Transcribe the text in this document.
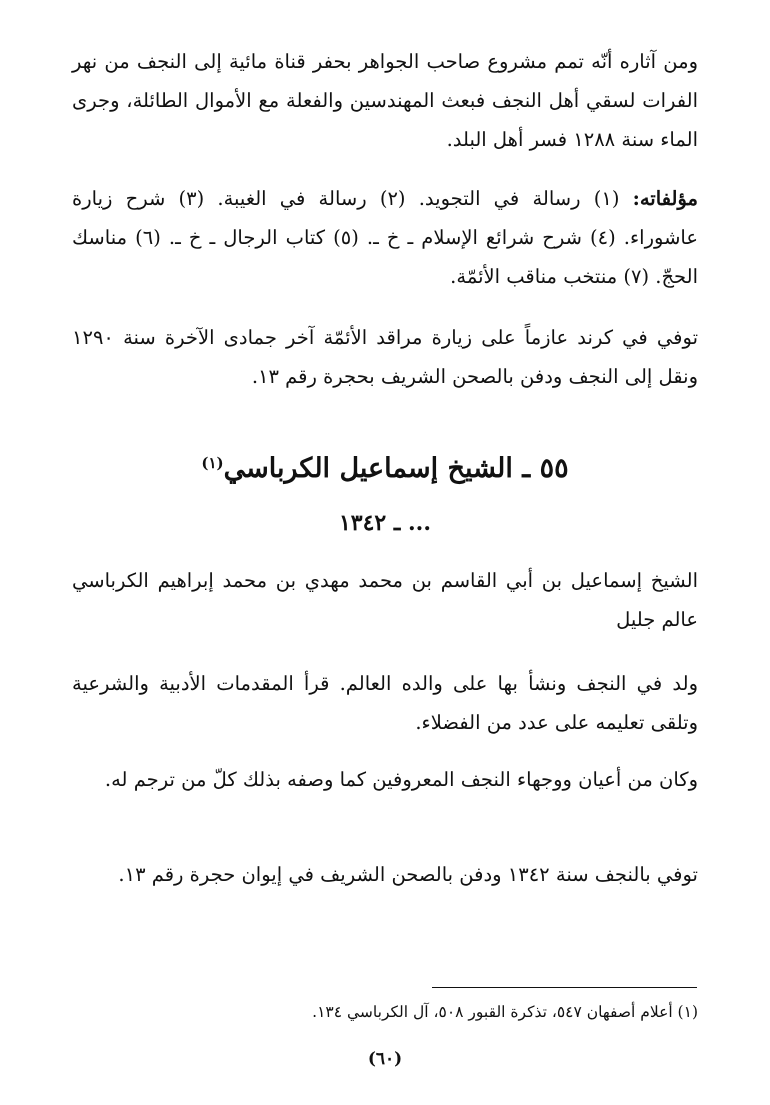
ومن آثاره أنّه تمم مشروع صاحب الجواهر بحفر قناة مائية إلى النجف من نهر الفرات لسقي أهل النجف فبعث المهندسين والفعلة مع الأموال الطائلة، وجرى الماء سنة ١٢٨٨ فسر أهل البلد.

مؤلفاته: (١) رسالة في التجويد. (٢) رسالة في الغيبة. (٣) شرح زيارة عاشوراء. (٤) شرح شرائع الإسلام ـ خ ـ. (٥) كتاب الرجال ـ خ ـ. (٦) مناسك الحجّ. (٧) منتخب مناقب الأئمّة.

توفي في كرند عازماً على زيارة مراقد الأئمّة آخر جمادى الآخرة سنة ١٢٩٠ ونقل إلى النجف ودفن بالصحن الشريف بحجرة رقم ١٣.

٥٥ ـ الشيخ إسماعيل الكرباسي$^{(١)}$

... ـ ١٣٤٢

الشيخ إسماعيل بن أبي القاسم بن محمد مهدي بن محمد إبراهيم الكرباسي عالم جليل

ولد في النجف ونشأ بها على والده العالم. قرأ المقدمات الأدبية والشرعية وتلقى تعليمه على عدد من الفضلاء.

وكان من أعيان ووجهاء النجف المعروفين كما وصفه بذلك كلّ من ترجم له.

توفي بالنجف سنة ١٣٤٢ ودفن بالصحن الشريف في إيوان حجرة رقم ١٣.

(١) أعلام أصفهان ٥٤٧، تذكرة القبور ٥٠٨، آل الكرباسي ١٣٤.

(٦٠)
